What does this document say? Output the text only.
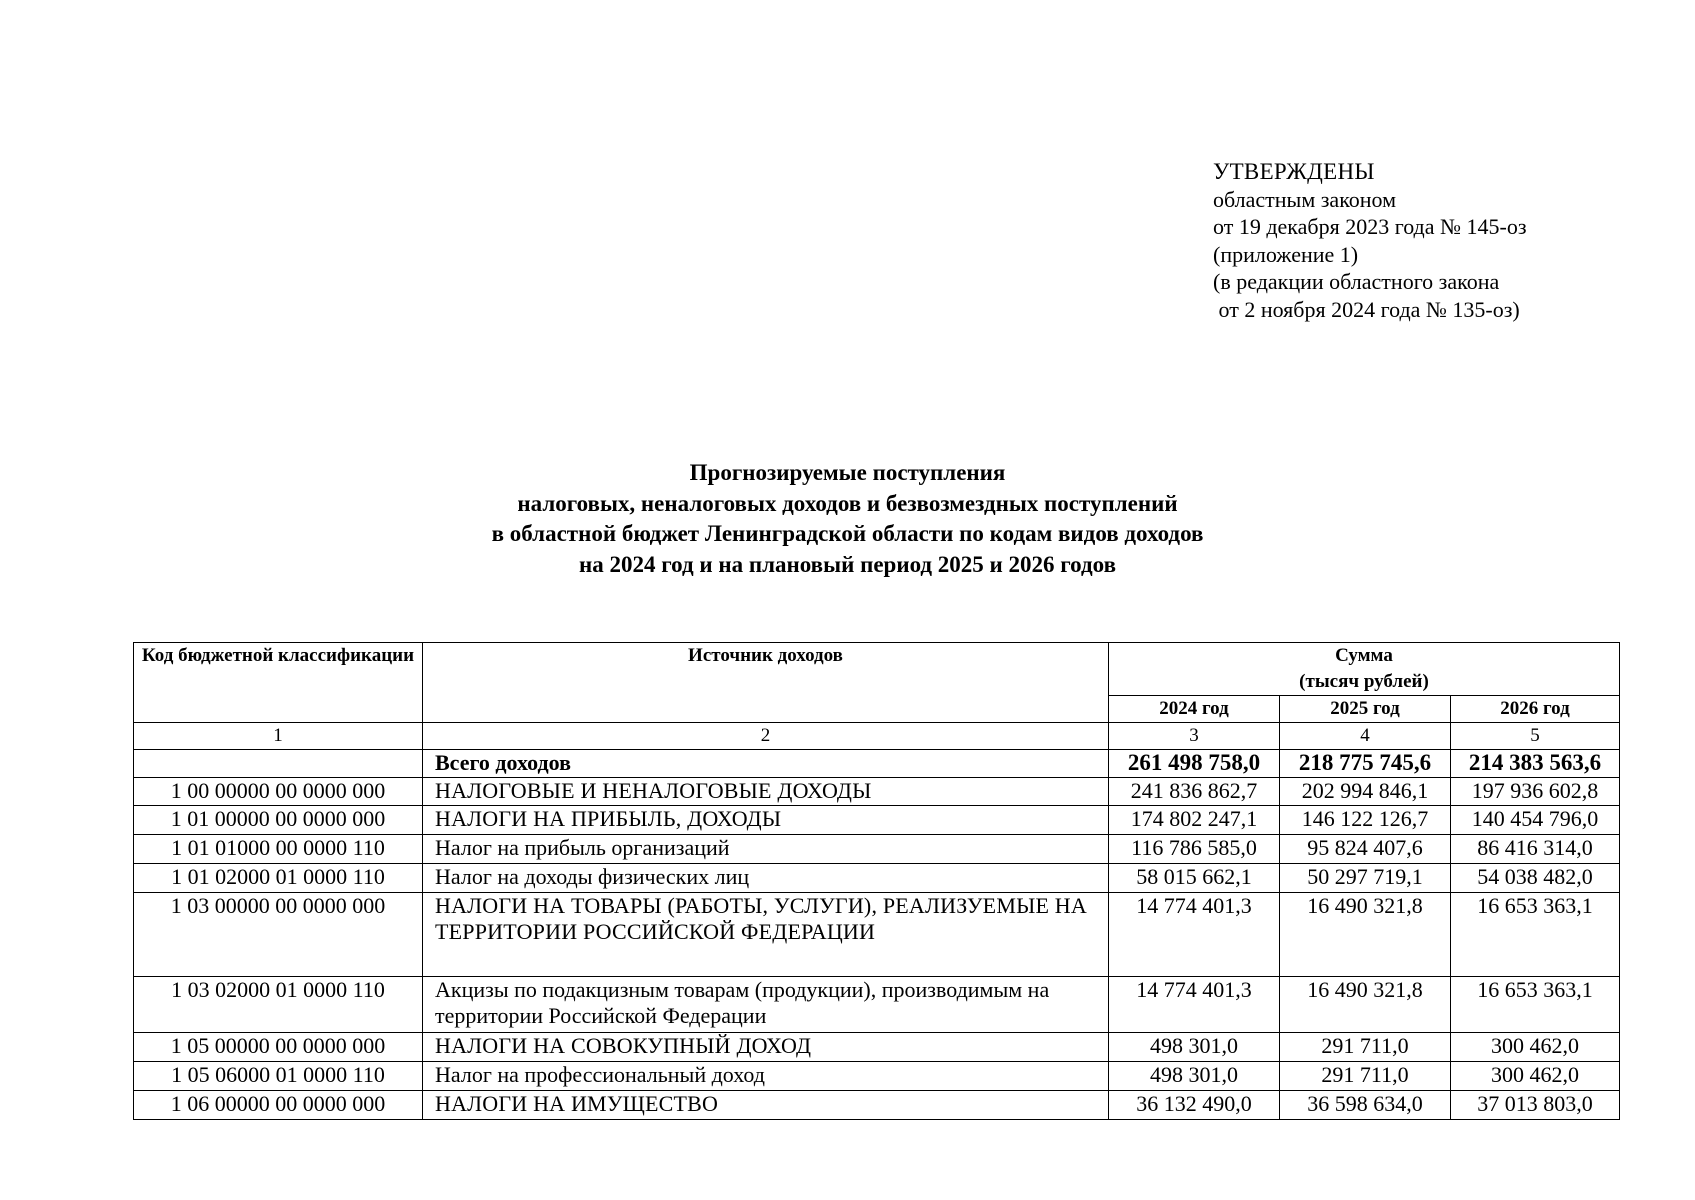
УТВЕРЖДЕНЫ
областным законом
от 19 декабря 2023 года № 145-оз
(приложение 1)
(в редакции областного закона
от 2 ноября 2024 года № 135-оз)
Прогнозируемые поступления
налоговых, неналоговых доходов и безвозмездных поступлений
в областной бюджет Ленинградской области по кодам видов доходов
на 2024 год и на плановый период 2025 и 2026 годов
Код бюджетной классификации	Источник доходов	Сумма
(тысяч рублей)		

		2024 год	2025 год	2026 год
1	2	3	4	5
	Всего доходов	261 498 758,0	218 775 745,6	214 383 563,6
1 00 00000 00 0000 000	НАЛОГОВЫЕ И НЕНАЛОГОВЫЕ ДОХОДЫ	241 836 862,7	202 994 846,1	197 936 602,8
1 01 00000 00 0000 000	НАЛОГИ НА ПРИБЫЛЬ, ДОХОДЫ	174 802 247,1	146 122 126,7	140 454 796,0
1 01 01000 00 0000 110	Налог на прибыль организаций	116 786 585,0	95 824 407,6	86 416 314,0
1 01 02000 01 0000 110	Налог на доходы физических лиц	58 015 662,1	50 297 719,1	54 038 482,0
1 03 00000 00 0000 000	НАЛОГИ НА ТОВАРЫ (РАБОТЫ, УСЛУГИ), РЕАЛИЗУЕМЫЕ НА ТЕРРИТОРИИ РОССИЙСКОЙ ФЕДЕРАЦИИ	14 774 401,3	16 490 321,8	16 653 363,1
1 03 02000 01 0000 110	Акцизы по подакцизным товарам (продукции), производимым на территории Российской Федерации	14 774 401,3	16 490 321,8	16 653 363,1
1 05 00000 00 0000 000	НАЛОГИ НА СОВОКУПНЫЙ ДОХОД	498 301,0	291 711,0	300 462,0
1 05 06000 01 0000 110	Налог на профессиональный доход	498 301,0	291 711,0	300 462,0
1 06 00000 00 0000 000	НАЛОГИ НА ИМУЩЕСТВО	36 132 490,0	36 598 634,0	37 013 803,0
